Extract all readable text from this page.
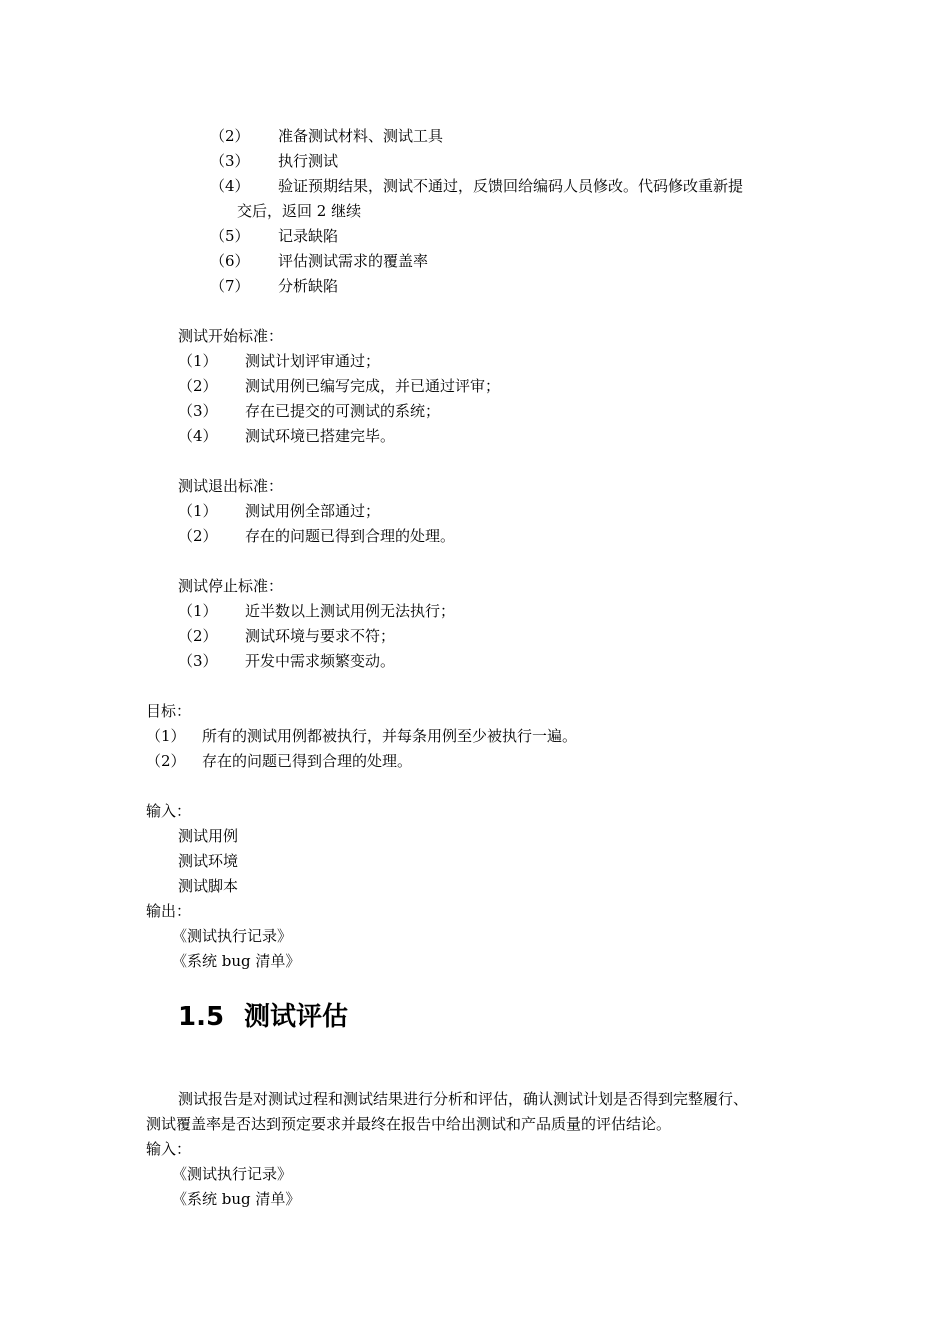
（2） 准备测试材料、测试工具
（3） 执行测试
（4） 验证预期结果，测试不通过，反馈回给编码人员修改。代码修改重新提
交后，返回 2 继续
（5） 记录缺陷
（6） 评估测试需求的覆盖率
（7） 分析缺陷
测试开始标准：
（1） 测试计划评审通过；
（2） 测试用例已编写完成，并已通过评审；
（3） 存在已提交的可测试的系统；
（4） 测试环境已搭建完毕。
测试退出标准：
（1） 测试用例全部通过；
（2） 存在的问题已得到合理的处理。
测试停止标准：
（1） 近半数以上测试用例无法执行；
（2） 测试环境与要求不符；
（3） 开发中需求频繁变动。
目标：
（1） 所有的测试用例都被执行，并每条用例至少被执行一遍。
（2） 存在的问题已得到合理的处理。
输入：
测试用例
测试环境
测试脚本
输出：
《测试执行记录》
《系统 bug 清单》
1.5 测试评估
测试报告是对测试过程和测试结果进行分析和评估，确认测试计划是否得到完整履行、
测试覆盖率是否达到预定要求并最终在报告中给出测试和产品质量的评估结论。
输入：
《测试执行记录》
《系统 bug 清单》
